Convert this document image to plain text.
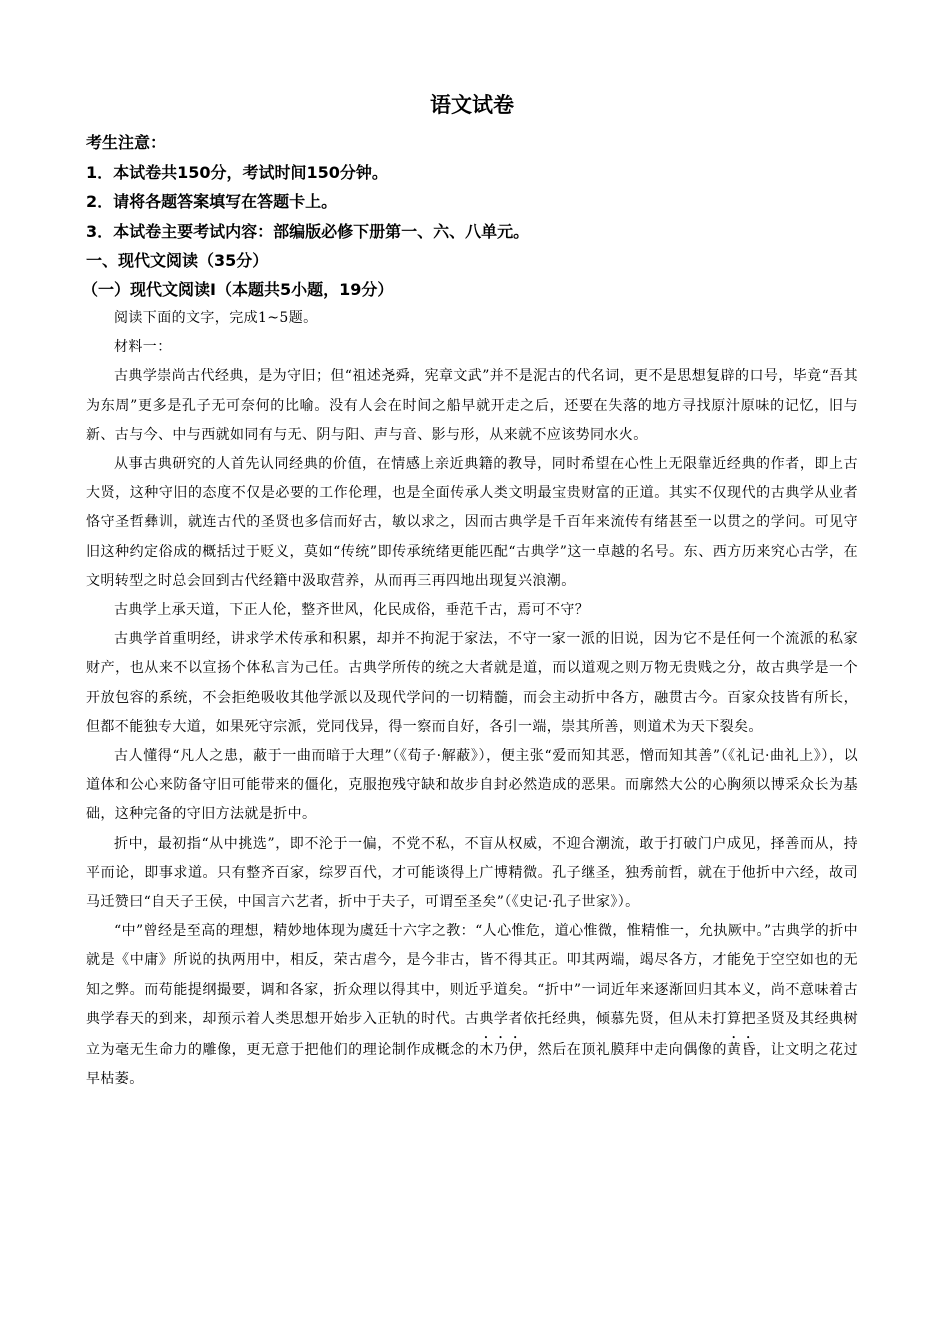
语文试卷
考生注意：
1．本试卷共150分，考试时间150分钟。
2．请将各题答案填写在答题卡上。
3．本试卷主要考试内容：部编版必修下册第一、六、八单元。
一、现代文阅读（35分）
（一）现代文阅读Ⅰ（本题共5小题，19分）

阅读下面的文字，完成1~5题。

材料一：

古典学崇尚古代经典，是为守旧；但“祖述尧舜，宪章文武”并不是泥古的代名词，更不是思想复辟的口号，毕竟“吾其为东周”更多是孔子无可奈何的比喻。没有人会在时间之船早就开走之后，还要在失落的地方寻找原汁原味的记忆，旧与新、古与今、中与西就如同有与无、阴与阳、声与音、影与形，从来就不应该势同水火。

从事古典研究的人首先认同经典的价值，在情感上亲近典籍的教导，同时希望在心性上无限靠近经典的作者，即上古大贤，这种守旧的态度不仅是必要的工作伦理，也是全面传承人类文明最宝贵财富的正道。其实不仅现代的古典学从业者恪守圣哲彝训，就连古代的圣贤也多信而好古，敏以求之，因而古典学是千百年来流传有绪甚至一以贯之的学问。可见守旧这种约定俗成的概括过于贬义，莫如“传统”即传承统绪更能匹配“古典学”这一卓越的名号。东、西方历来究心古学，在文明转型之时总会回到古代经籍中汲取营养，从而再三再四地出现复兴浪潮。

古典学上承天道，下正人伦，整齐世风，化民成俗，垂范千古，焉可不守？

古典学首重明经，讲求学术传承和积累，却并不拘泥于家法，不守一家一派的旧说，因为它不是任何一个流派的私家财产，也从来不以宣扬个体私言为己任。古典学所传的统之大者就是道，而以道观之则万物无贵贱之分，故古典学是一个开放包容的系统，不会拒绝吸收其他学派以及现代学问的一切精髓，而会主动折中各方，融贯古今。百家众技皆有所长，但都不能独专大道，如果死守宗派，党同伐异，得一察而自好，各引一端，崇其所善，则道术为天下裂矣。

古人懂得“凡人之患，蔽于一曲而暗于大理”（《荀子·解蔽》），便主张“爱而知其恶，憎而知其善”（《礼记·曲礼上》），以道体和公心来防备守旧可能带来的僵化，克服抱残守缺和故步自封必然造成的恶果。而廓然大公的心胸须以博采众长为基础，这种完备的守旧方法就是折中。

折中，最初指“从中挑选”，即不沦于一偏，不党不私，不盲从权威，不迎合潮流，敢于打破门户成见，择善而从，持平而论，即事求道。只有整齐百家，综罗百代，才可能谈得上广博精微。孔子继圣，独秀前哲，就在于他折中六经，故司马迁赞曰“自天子王侯，中国言六艺者，折中于夫子，可谓至圣矣”（《史记·孔子世家》）。

“中”曾经是至高的理想，精妙地体现为虞廷十六字之教：“人心惟危，道心惟微，惟精惟一，允执厥中。”古典学的折中就是《中庸》所说的执两用中，相反，荣古虐今，是今非古，皆不得其正。叩其两端，竭尽各方，才能免于空空如也的无知之弊。而苟能提纲撮要，调和各家，折众理以得其中，则近乎道矣。“折中”一词近年来逐渐回归其本义，尚不意味着古典学春天的到来，却预示着人类思想开始步入正轨的时代。古典学者依托经典，倾慕先贤，但从未打算把圣贤及其经典树立为毫无生命力的雕像，更无意于把他们的理论制作成概念的木乃伊，然后在顶礼膜拜中走向偶像的黄昏，让文明之花过早枯萎。
